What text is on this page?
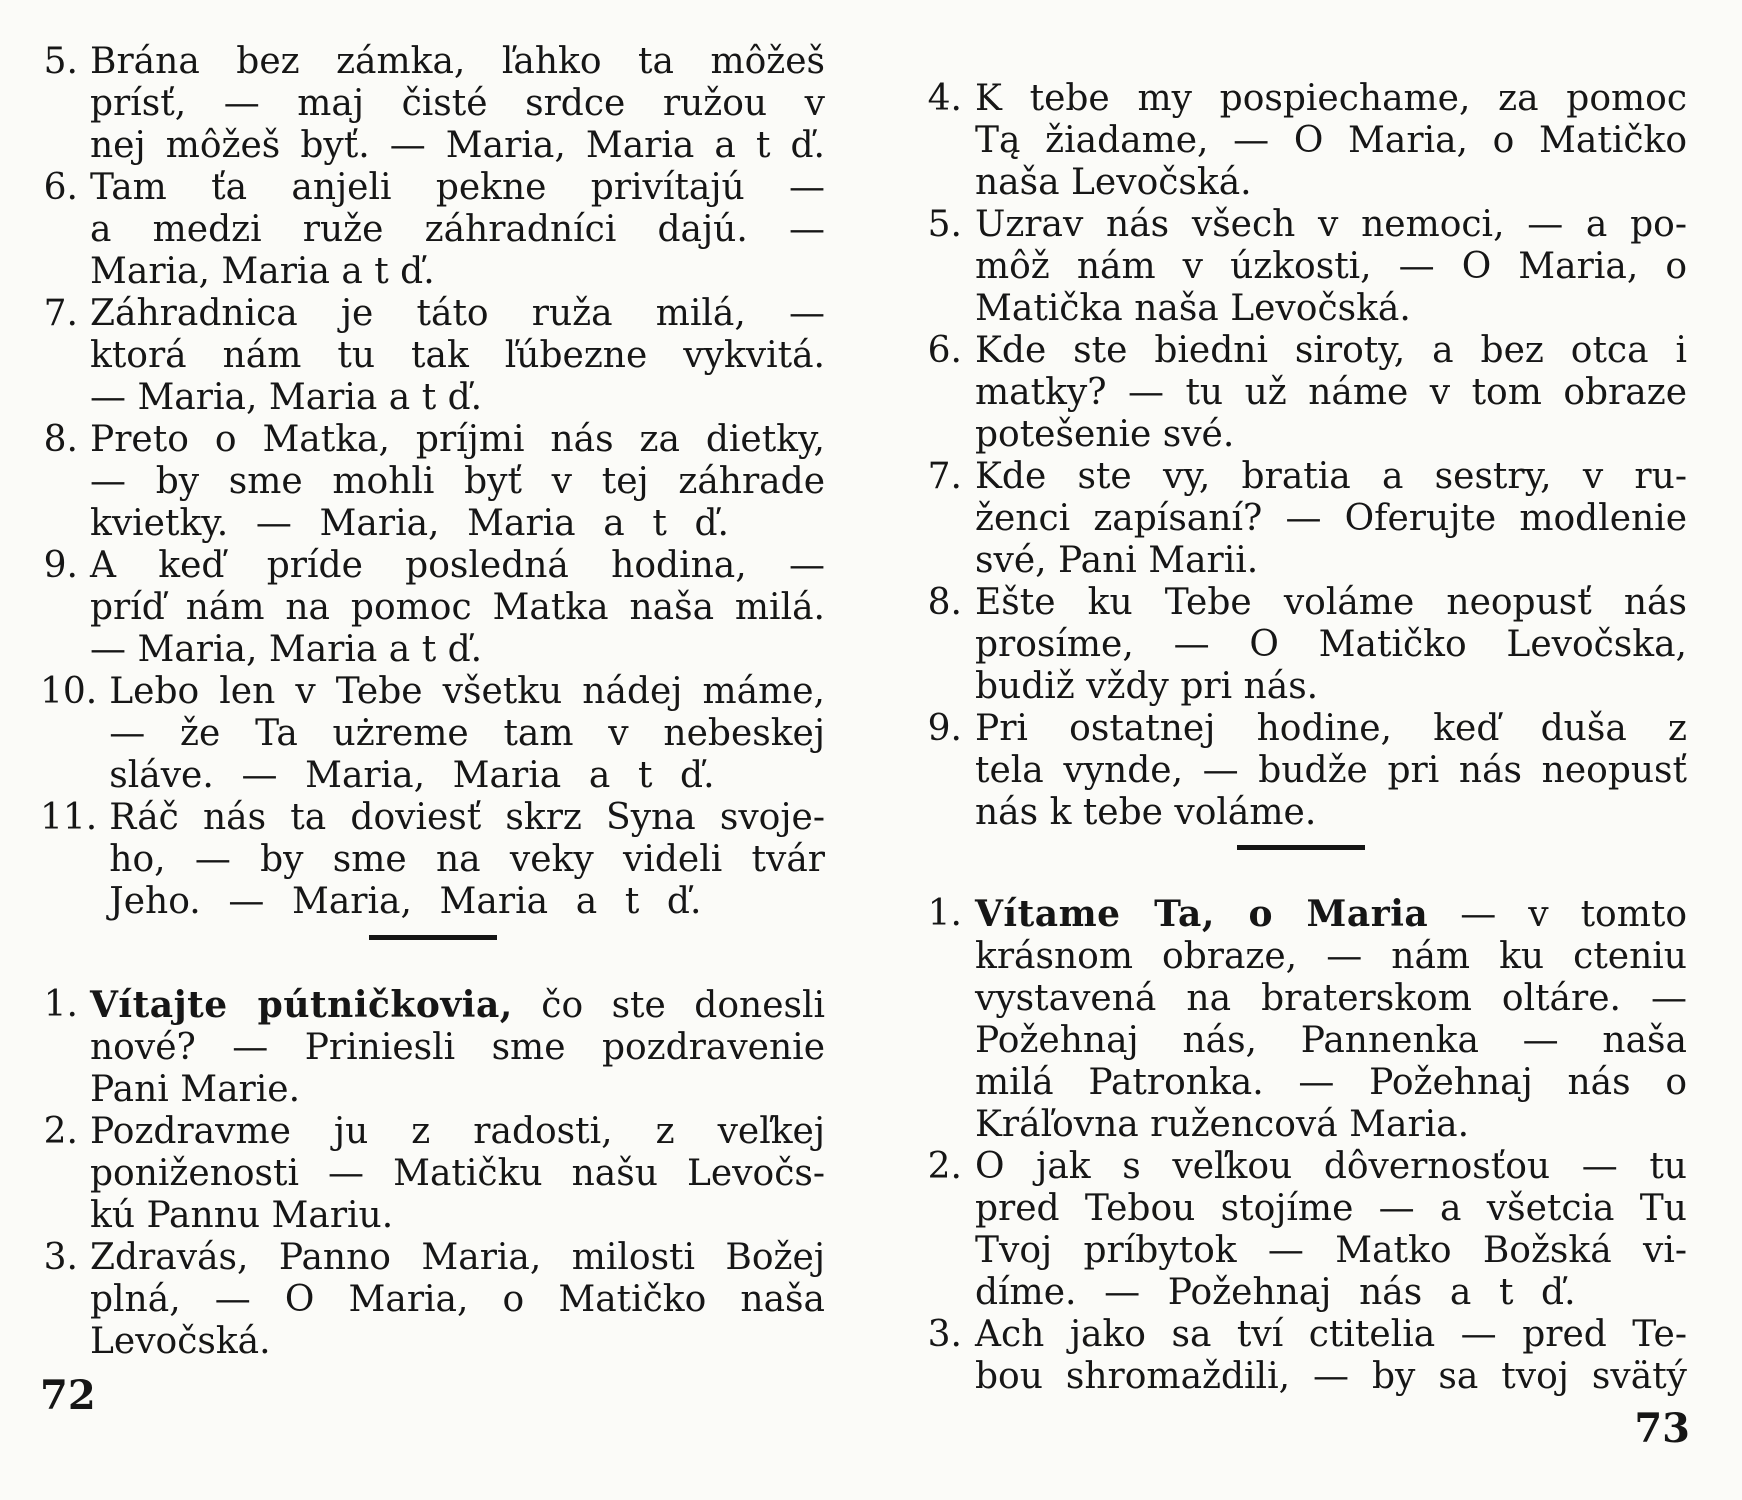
5. Brána bez zámka, ľahko ta môžeš
prísť, — maj čisté srdce ružou v
nej môžeš byť. — Maria, Maria a t ď.
6. Tam ťa anjeli pekne privítajú —
a medzi ruže záhradníci dajú. —
Maria, Maria a t ď.
7. Záhradnica je táto ruža milá, —
ktorá nám tu tak ľúbezne vykvitá.
— Maria, Maria a t ď.
8. Preto o Matka, príjmi nás za dietky,
— by sme mohli byť v tej záhrade
kvietky. — Maria, Maria a t ď.
9. A keď príde posledná hodina, —
príď nám na pomoc Matka naša milá.
— Maria, Maria a t ď.
10. Lebo len v Tebe všetku nádej máme,
— že Ta użreme tam v nebeskej
sláve. — Maria, Maria a t ď.
11. Ráč nás ta doviesť skrz Syna svoje-
ho, — by sme na veky videli tvár
Jeho. — Maria, Maria a t ď.
1. Vítajte pútničkovia, čo ste donesli
nové? — Priniesli sme pozdravenie
Pani Marie.
2. Pozdravme ju z radosti, z veľkej
poniženosti — Matičku našu Levočs-
kú Pannu Mariu.
3. Zdravás, Panno Maria, milosti Božej
plná, — O Maria, o Matičko naša
Levočská.
4. K tebe my pospiechame, za pomoc
Tą žiadame, — O Maria, o Matičko
naša Levočská.
5. Uzrav nás všech v nemoci, — a po-
môž nám v úzkosti, — O Maria, o
Matička naša Levočská.
6. Kde ste biedni siroty, a bez otca i
matky? — tu už náme v tom obraze
potešenie své.
7. Kde ste vy, bratia a sestry, v ru-
ženci zapísaní? — Oferujte modlenie
své, Pani Marii.
8. Ešte ku Tebe voláme neopusť nás
prosíme, — O Matičko Levočska,
budiž vždy pri nás.
9. Pri ostatnej hodine, keď duša z
tela vynde, — budže pri nás neopusť
nás k tebe voláme.
1. Vítame Ta, o Maria — v tomto
krásnom obraze, — nám ku cteniu
vystavená na braterskom oltáre. —
Požehnaj nás, Pannenka — naša
milá Patronka. — Požehnaj nás o
Kráľovna ružencová Maria.
2. O jak s veľkou dôvernosťou — tu
pred Tebou stojíme — a všetcia Tu
Tvoj príbytok — Matko Božská vi-
díme. — Požehnaj nás a t ď.
3. Ach jako sa tví ctitelia — pred Te-
bou shromaždili, — by sa tvoj svätý
72
73
